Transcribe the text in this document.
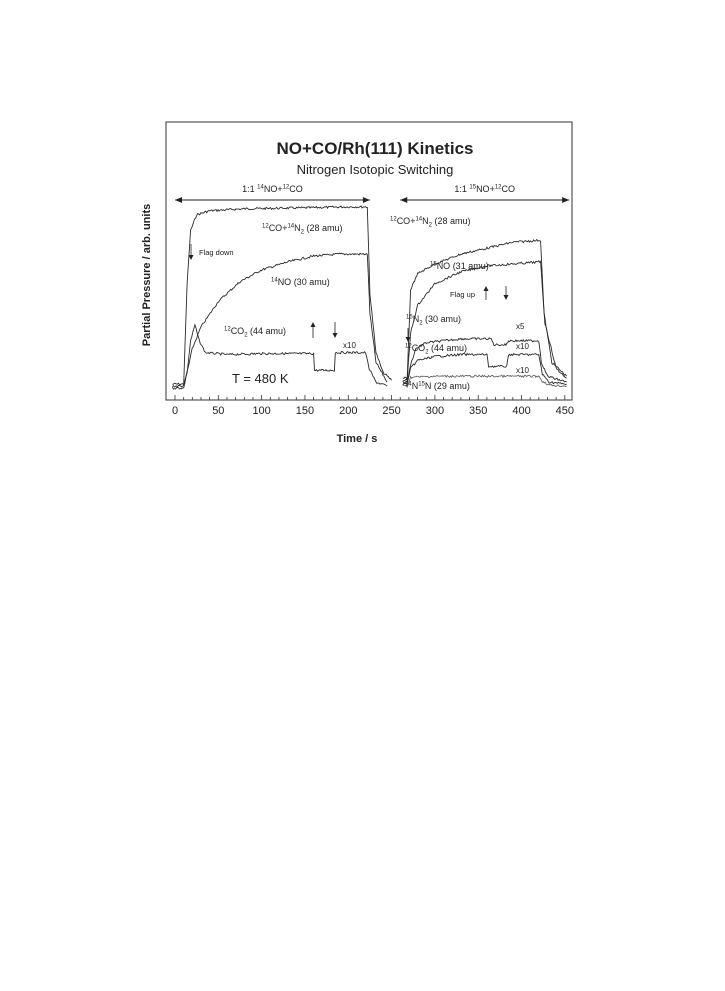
NO+CO/Rh(111) Kinetics
Nitrogen Isotopic Switching
1:1 $^{14}$NO+$^{12}$CO	1:1 $^{15}$NO+$^{12}$CO
$^{12}CO+^{14}N_2$ (28 amu)
$^{14}$NO (30 amu)
$^{12}CO_2$ (44 amu)
$^{12}CO+^{14}N_2$ (28 amu)
$^{15}$NO (31 amu)
$^{15}N_2$ (30 amu)
$^{12}CO_2$ (44 amu)
$^{14}N^{15}N$ (29 amu)
0	50	100 150 200 250 300 350 400 450
Time / s
Partial Pressure / arb. units
T = 480 K
Flag down
Flag up
x10
x5
x10
x10
